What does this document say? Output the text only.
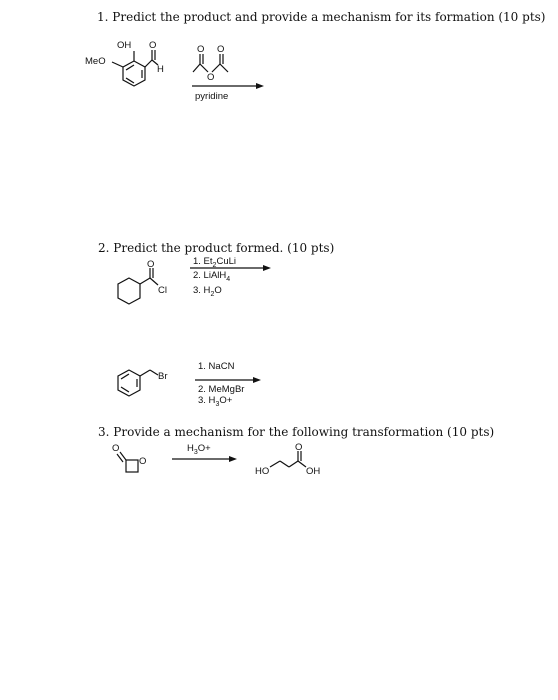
1. Predict the product and provide a mechanism for its formation (10 pts)
2. Predict the product formed. (10 pts)
3. Provide a mechanism for the following transformation (10 pts)
OH O
MeO
H
O O
O
O
Cl
Br
O
O
O
HO	OH
pyridine
1. $Et_2CuLi$
2. LiAlH$_4$
3. $H_2O$
1. NaCN
2. MeMgBr
3. $H_3O+$
$H_3O+$
